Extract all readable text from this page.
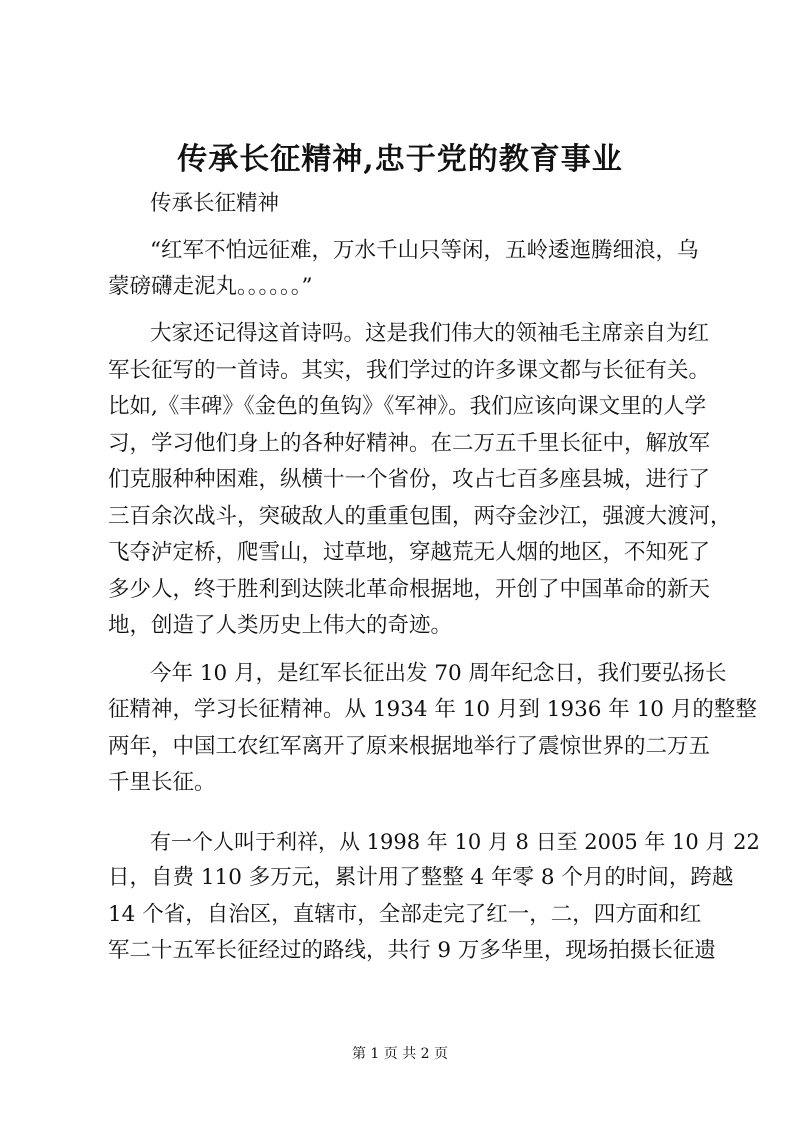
传承长征精神,忠于党的教育事业
传承长征精神
“红军不怕远征难，万水千山只等闲，五岭逶迤腾细浪，乌
蒙磅礴走泥丸。。。。。。”
大家还记得这首诗吗。这是我们伟大的领袖毛主席亲自为红
军长征写的一首诗。其实，我们学过的许多课文都与长征有关。
比如,《丰碑》《金色的鱼钩》《军神》。我们应该向课文里的人学
习，学习他们身上的各种好精神。在二万五千里长征中，解放军
们克服种种困难，纵横十一个省份，攻占七百多座县城，进行了
三百余次战斗，突破敌人的重重包围，两夺金沙江，强渡大渡河，
飞夺泸定桥，爬雪山，过草地，穿越荒无人烟的地区，不知死了
多少人，终于胜利到达陕北革命根据地，开创了中国革命的新天
地，创造了人类历史上伟大的奇迹。
今年 10 月，是红军长征出发 70 周年纪念日，我们要弘扬长
征精神，学习长征精神。从 1934 年 10 月到 1936 年 10 月的整整
两年，中国工农红军离开了原来根据地举行了震惊世界的二万五
千里长征。
有一个人叫于利祥，从 1998 年 10 月 8 日至 2005 年 10 月 22
日，自费 110 多万元，累计用了整整 4 年零 8 个月的时间，跨越
14 个省，自治区，直辖市，全部走完了红一，二，四方面和红
军二十五军长征经过的路线，共行 9 万多华里，现场拍摄长征遗
第 1 页 共 2 页
